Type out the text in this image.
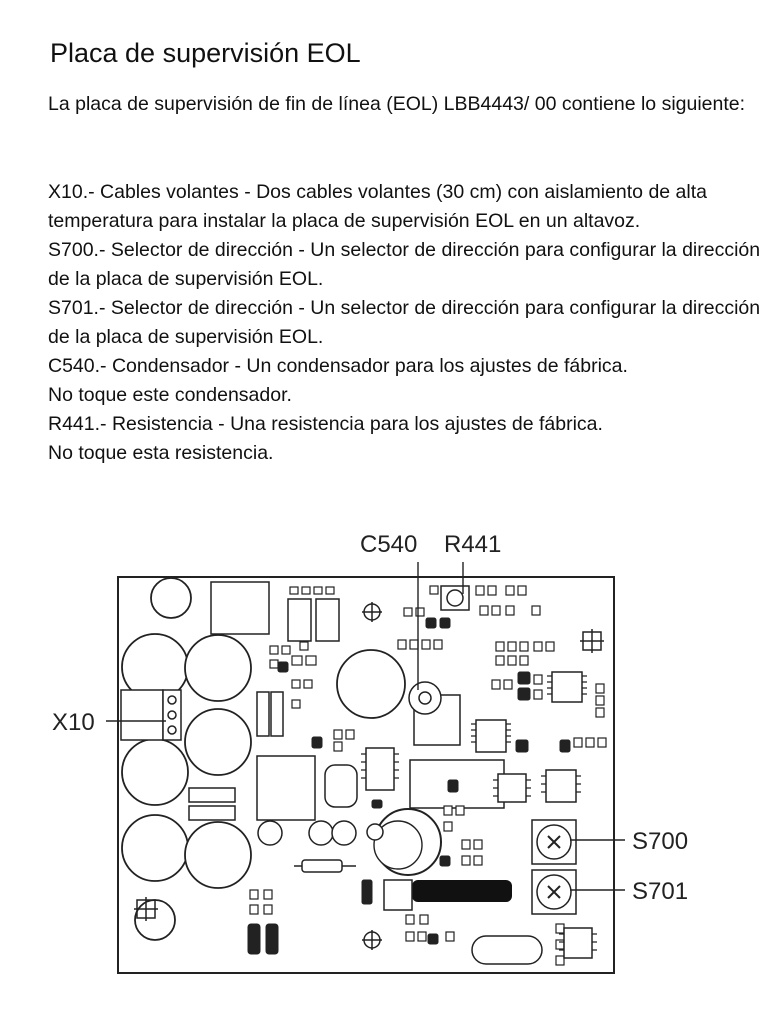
Placa de supervisión EOL

La placa de supervisión de fin de línea (EOL) LBB4443/ 00 contiene lo siguiente:

X10.- Cables volantes - Dos cables volantes (30 cm) con aislamiento de alta temperatura para instalar la placa de supervisión EOL en un altavoz.
S700.- Selector de dirección - Un selector de dirección para configurar la dirección de la placa de supervisión EOL.
S701.- Selector de dirección - Un selector de dirección para configurar la dirección de la placa de supervisión EOL.
C540.- Condensador - Un condensador para los ajustes de fábrica.
No toque este condensador.
R441.- Resistencia - Una resistencia para los ajustes de fábrica.
No toque esta resistencia.
C540 R441
X10
S700
S701
